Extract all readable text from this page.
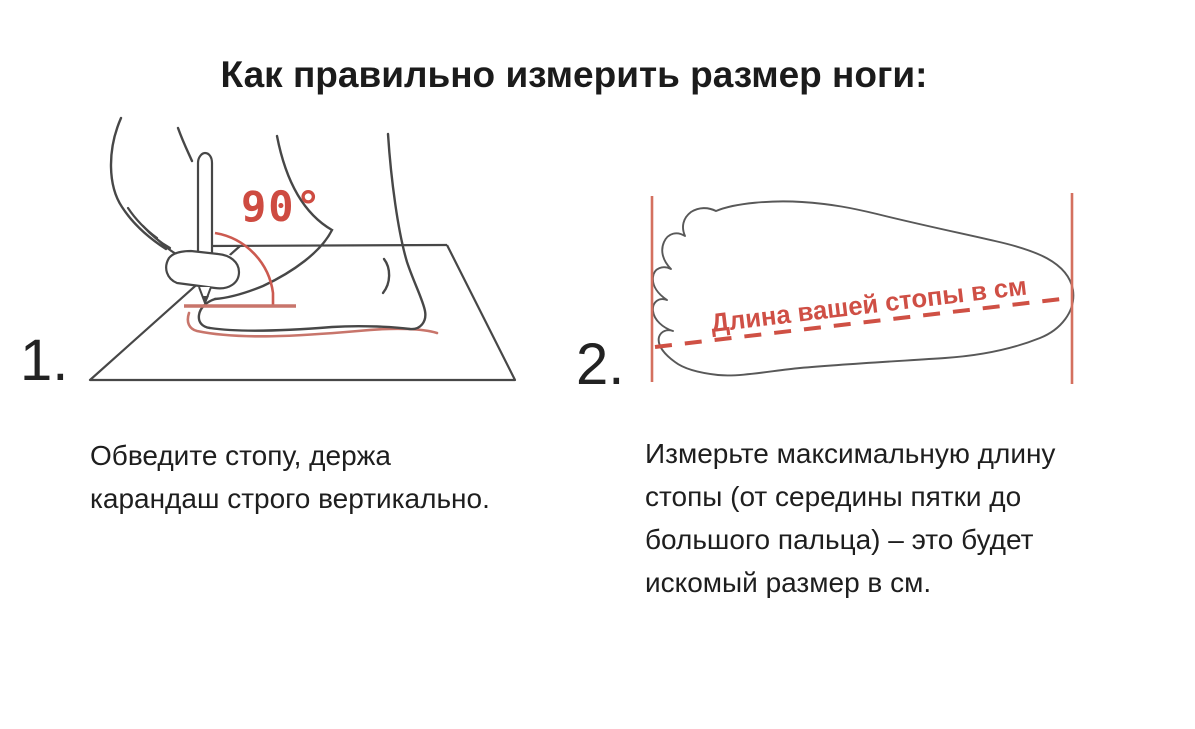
Как правильно измерить размер ноги:
90°
Длина вашей стопы в см
1.	2.
Обведите стопу, держа
карандаш строго вертикально.
Измерьте максимальную длину
стопы (от середины пятки до
большого пальца) – это будет
искомый размер в см.
